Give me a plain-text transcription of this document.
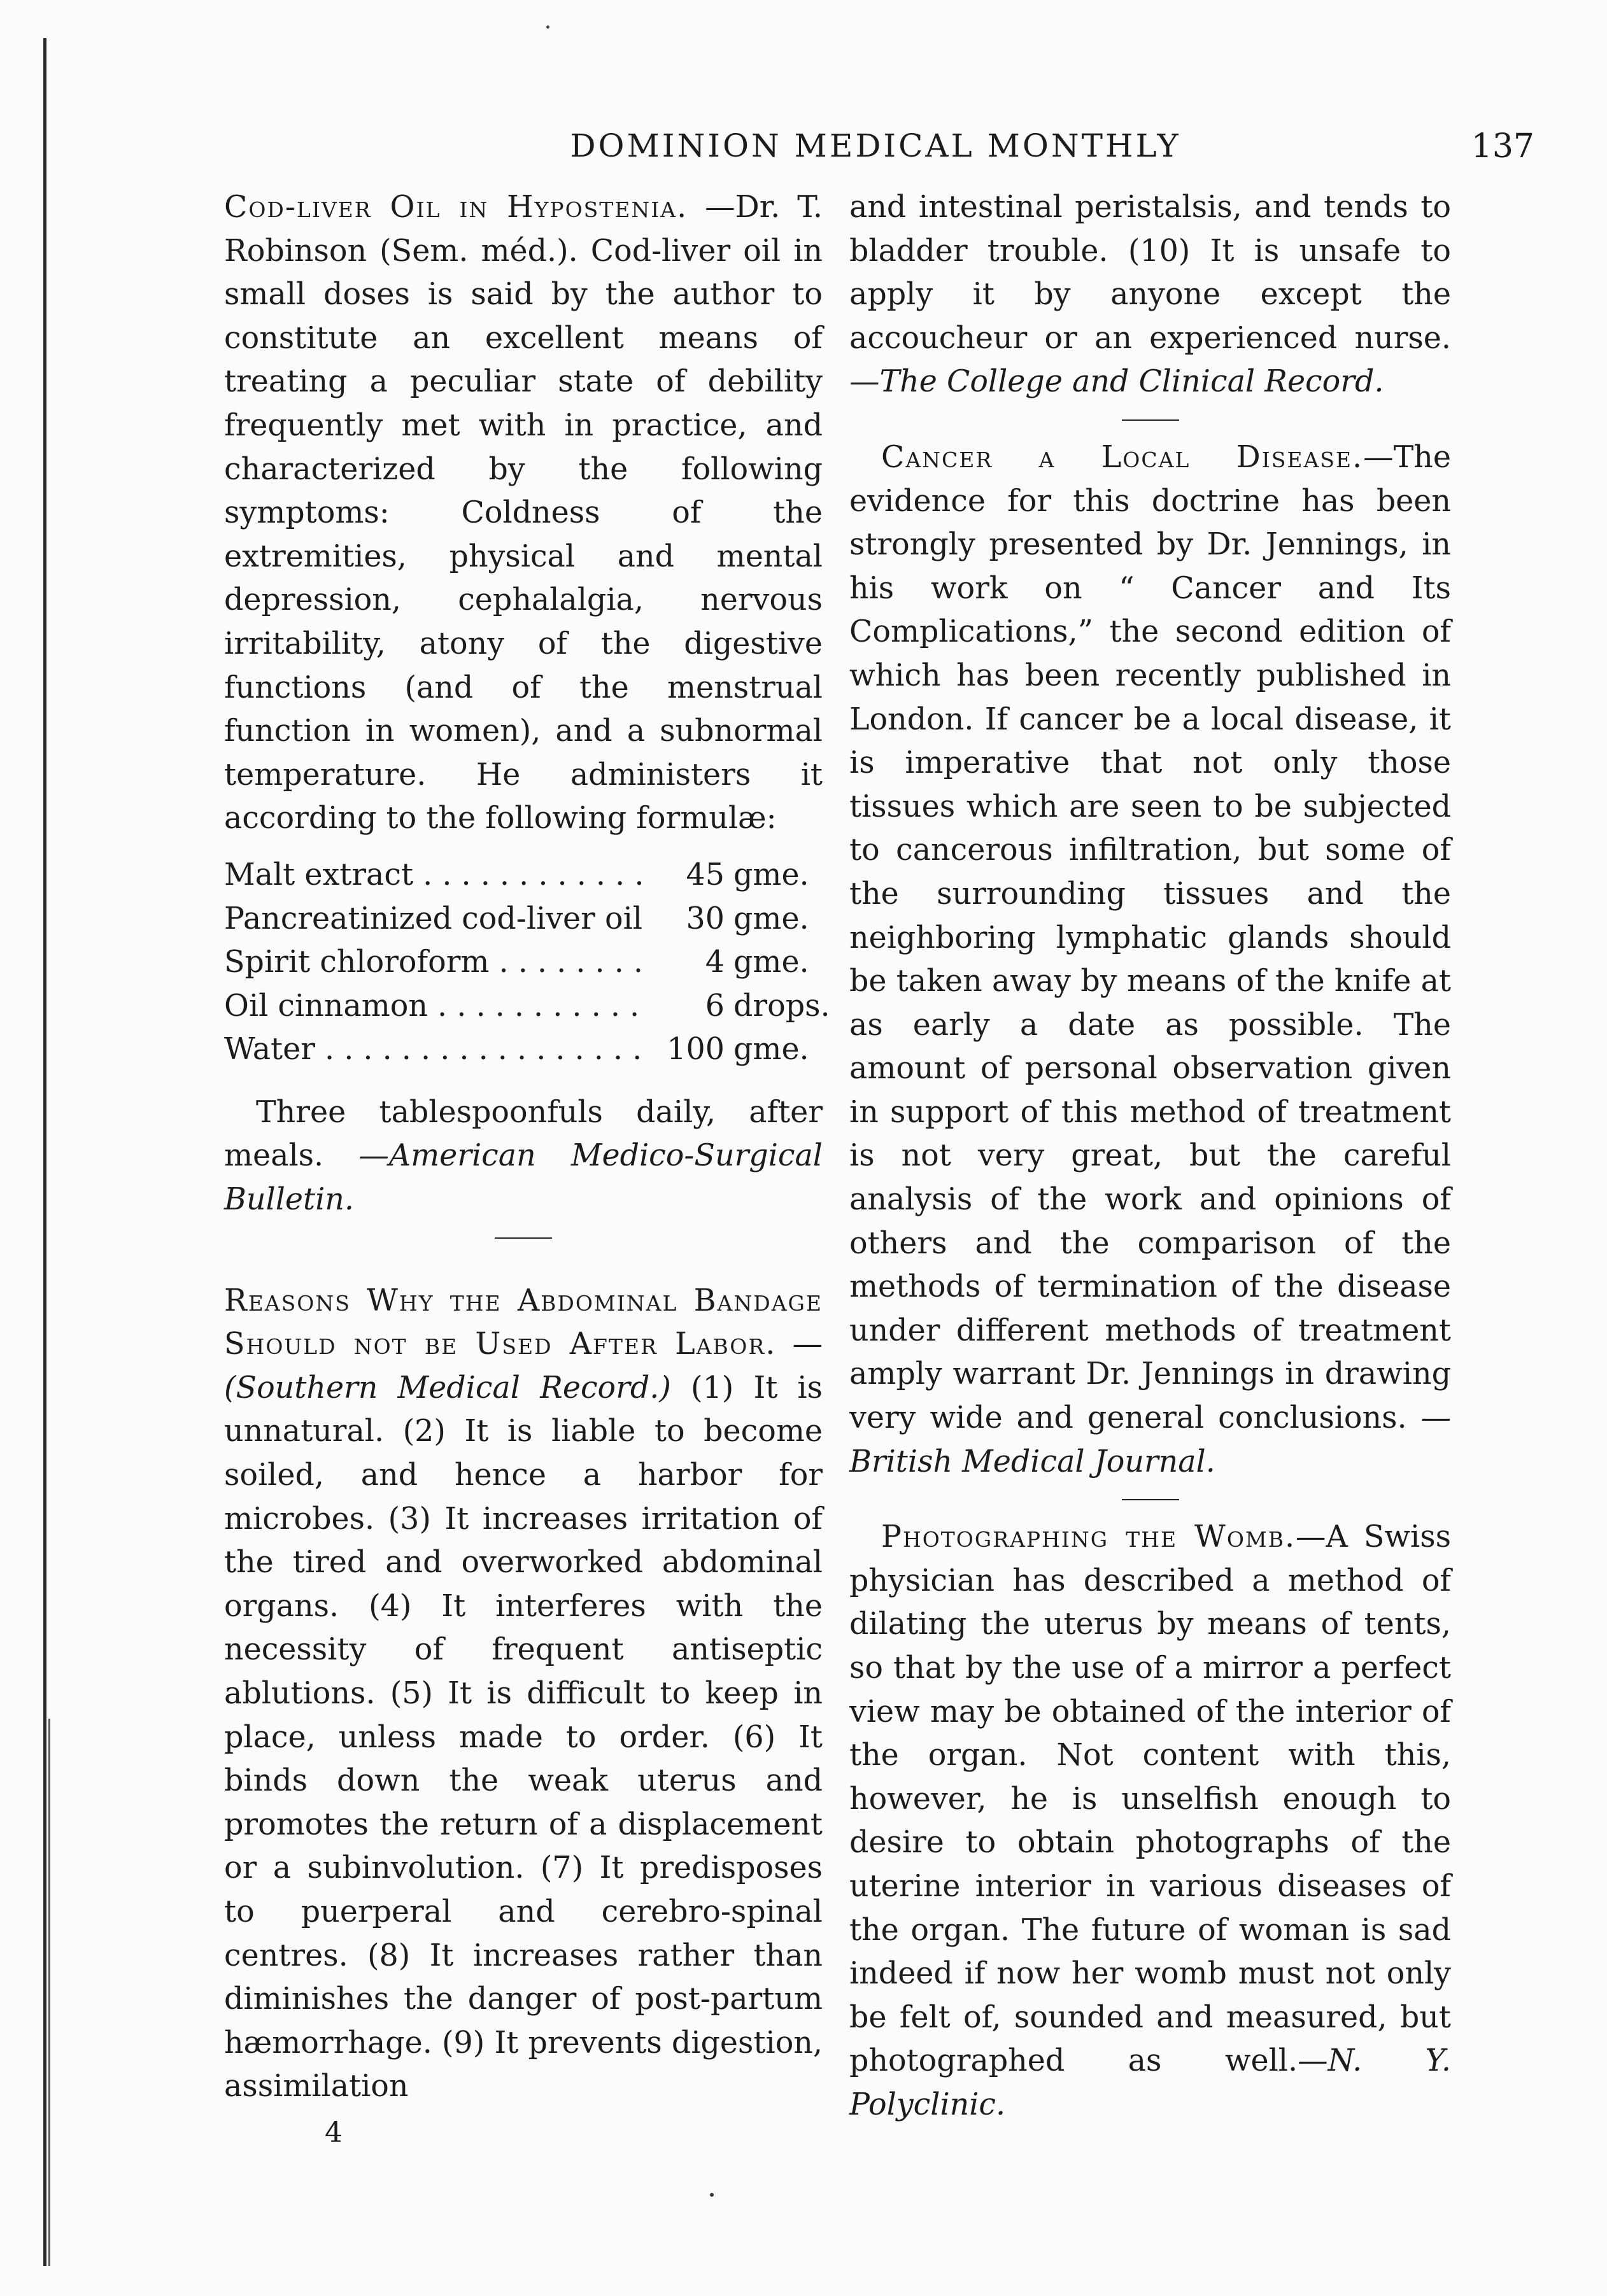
DOMINION MEDICAL MONTHLY	137

Cod-liver Oil in Hypostenia. —Dr. T. Robinson (Sem. méd.). Cod-liver oil in small doses is said by the author to constitute an excellent means of treating a peculiar state of debility frequently met with in practice, and characterized by the following symptoms: Coldness of the extremities, physical and mental depression, cephalalgia, nervous irritability, atony of the digestive functions (and of the menstrual function in women), and a subnormal temperature. He administers it according to the following formulæ:

Malt extract . . .	45 gme.
Pancreatinized cod-liver oil . . .	30 gme.
Spirit chloroform . . .	4 gme.
Oil cinnamon . . .	6 drops.
Water . . .	100 gme.

Three tablespoonfuls daily, after meals. —American Medico-Surgical Bulletin.

Reasons Why the Abdominal Bandage Should not be Used After Labor. —(Southern Medical Record.) (1) It is unnatural. (2) It is liable to become soiled, and hence a harbor for microbes. (3) It increases irritation of the tired and overworked abdominal organs. (4) It interferes with the necessity of frequent antiseptic ablutions. (5) It is difficult to keep in place, unless made to order. (6) It binds down the weak uterus and promotes the return of a displacement or a subinvolution. (7) It predisposes to puerperal and cerebro-spinal centres. (8) It increases rather than diminishes the danger of post-partum hæmorrhage. (9) It prevents digestion, assimilation

4

and intestinal peristalsis, and tends to bladder trouble. (10) It is unsafe to apply it by anyone except the accoucheur or an experienced nurse. —The College and Clinical Record.

Cancer a Local Disease.—The evidence for this doctrine has been strongly presented by Dr. Jennings, in his work on “ Cancer and Its Complications,” the second edition of which has been recently published in London. If cancer be a local disease, it is imperative that not only those tissues which are seen to be subjected to cancerous infiltration, but some of the surrounding tissues and the neighboring lymphatic glands should be taken away by means of the knife at as early a date as possible. The amount of personal observation given in support of this method of treatment is not very great, but the careful analysis of the work and opinions of others and the comparison of the methods of termination of the disease under different methods of treatment amply warrant Dr. Jennings in drawing very wide and general conclusions. —British Medical Journal.

Photographing the Womb.—A Swiss physician has described a method of dilating the uterus by means of tents, so that by the use of a mirror a perfect view may be obtained of the interior of the organ. Not content with this, however, he is unselfish enough to desire to obtain photographs of the uterine interior in various diseases of the organ. The future of woman is sad indeed if now her womb must not only be felt of, sounded and measured, but photographed as well.—N. Y. Polyclinic.
